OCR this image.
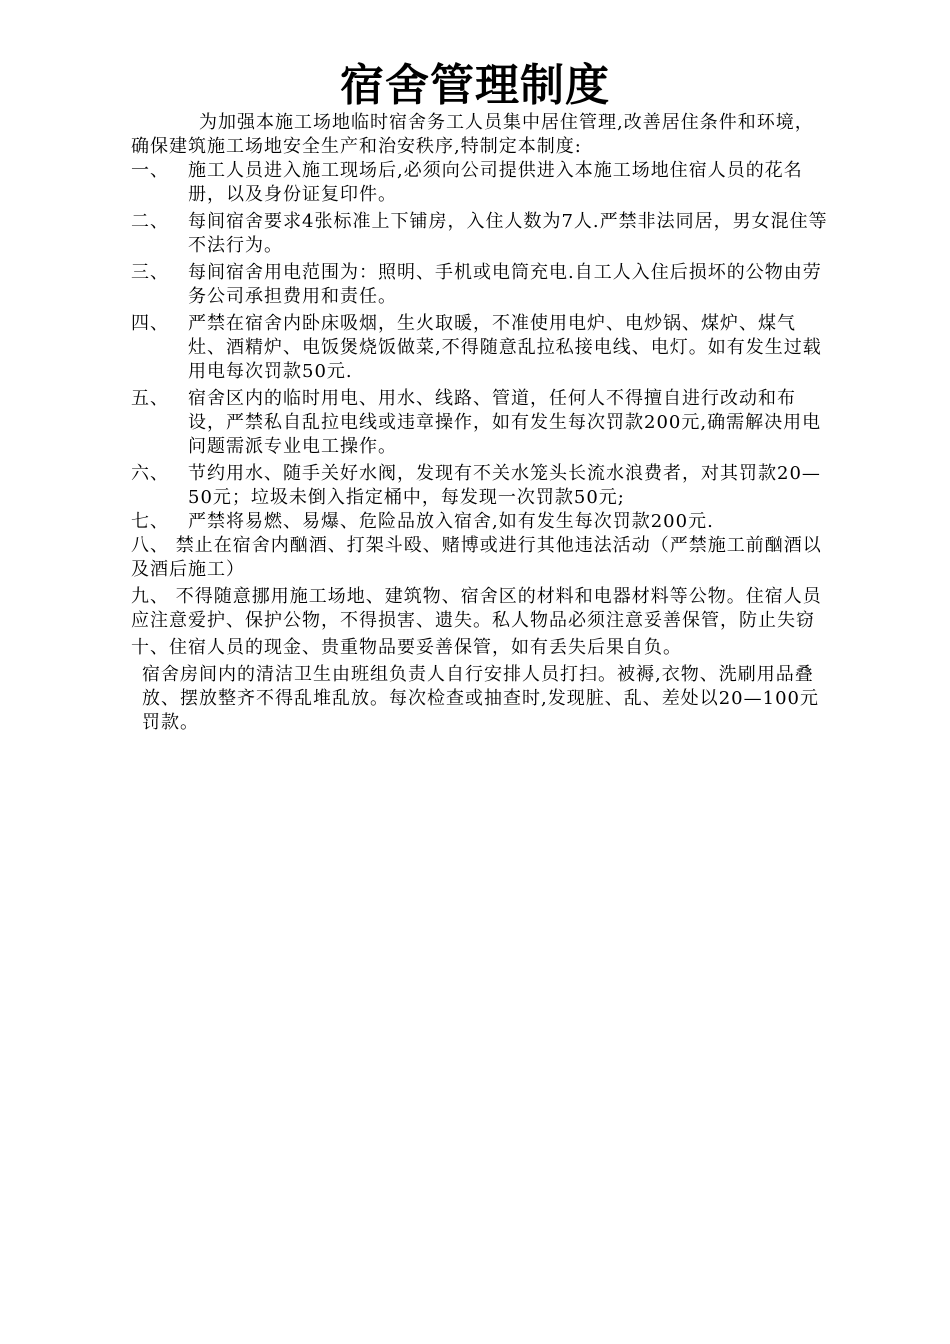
宿舍管理制度

为加强本施工场地临时宿舍务工人员集中居住管理,改善居住条件和环境，确保建筑施工场地安全生产和治安秩序,特制定本制度:

一、	施工人员进入施工现场后,必须向公司提供进入本施工场地住宿人员的花名册，以及身份证复印件。
二、	每间宿舍要求4张标准上下铺房，入住人数为7人.严禁非法同居，男女混住等不法行为。
三、	每间宿舍用电范围为：照明、手机或电筒充电.自工人入住后损坏的公物由劳务公司承担费用和责任。
四、	严禁在宿舍内卧床吸烟，生火取暖，不准使用电炉、电炒锅、煤炉、煤气灶、酒精炉、电饭煲烧饭做菜,不得随意乱拉私接电线、电灯。如有发生过载用电每次罚款50元.
五、	宿舍区内的临时用电、用水、线路、管道，任何人不得擅自进行改动和布设，严禁私自乱拉电线或违章操作，如有发生每次罚款200元,确需解决用电问题需派专业电工操作。
六、	节约用水、随手关好水阀，发现有不关水笼头长流水浪费者，对其罚款20—50元；垃圾未倒入指定桶中，每发现一次罚款50元;
七、	严禁将易燃、易爆、危险品放入宿舍,如有发生每次罚款200元.

八、 禁止在宿舍内酗酒、打架斗殴、赌博或进行其他违法活动（严禁施工前酗酒以及酒后施工）

九、 不得随意挪用施工场地、建筑物、宿舍区的材料和电器材料等公物。住宿人员应注意爱护、保护公物，不得损害、遗失。私人物品必须注意妥善保管，防止失窃

十、住宿人员的现金、贵重物品要妥善保管，如有丢失后果自负。

宿舍房间内的清洁卫生由班组负责人自行安排人员打扫。被褥,衣物、洗刷用品叠放、摆放整齐不得乱堆乱放。每次检查或抽查时,发现脏、乱、差处以20—100元罚款。
